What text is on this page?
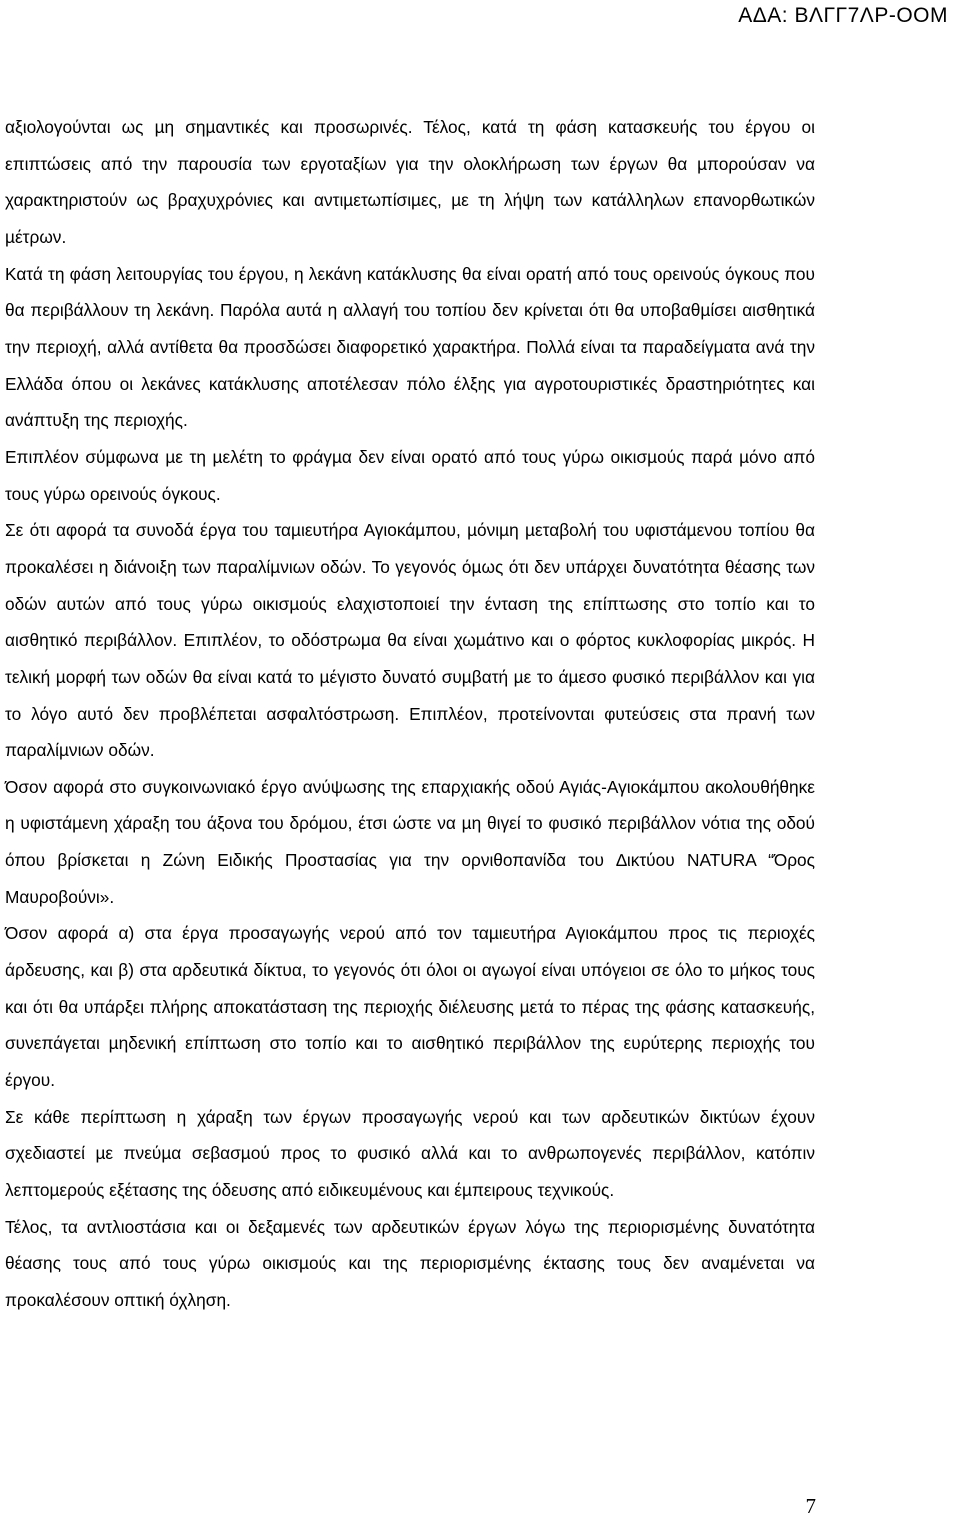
ΑΔΑ: ΒΛΓΓ7ΛΡ-ΟΟΜ

αξιολογούνται ως µη σηµαντικές και προσωρινές. Τέλος, κατά τη φάση κατασκευής του έργου οι επιπτώσεις από την παρουσία των εργοταξίων για την ολοκλήρωση των έργων θα µπορούσαν να χαρακτηριστούν ως βραχυχρόνιες και αντιµετωπίσιµες, µε τη λήψη των κατάλληλων επανορθωτικών µέτρων.

Κατά τη φάση λειτουργίας του έργου, η λεκάνη κατάκλυσης θα είναι ορατή από τους ορεινούς όγκους που θα περιβάλλουν τη λεκάνη. Παρόλα αυτά η αλλαγή του τοπίου δεν κρίνεται ότι θα υποβαθµίσει αισθητικά την περιοχή, αλλά αντίθετα θα προσδώσει διαφορετικό χαρακτήρα. Πολλά είναι τα παραδείγµατα ανά την Ελλάδα όπου οι λεκάνες κατάκλυσης αποτέλεσαν πόλο έλξης για αγροτουριστικές δραστηριότητες και ανάπτυξη της περιοχής.

Επιπλέον σύµφωνα µε τη µελέτη το φράγµα δεν είναι ορατό από τους γύρω οικισµούς παρά µόνο από τους γύρω ορεινούς όγκους.

Σε ότι αφορά τα συνοδά έργα του ταµιευτήρα Αγιοκάµπου, µόνιµη µεταβολή του υφιστάµενου τοπίου θα προκαλέσει η διάνοιξη των παραλίµνιων οδών. Το γεγονός όµως ότι δεν υπάρχει δυνατότητα θέασης των οδών αυτών από τους γύρω οικισµούς ελαχιστοποιεί την ένταση της επίπτωσης στο τοπίο και το αισθητικό περιβάλλον. Επιπλέον, το οδόστρωµα θα είναι χωµάτινο και ο φόρτος κυκλοφορίας µικρός. Η τελική µορφή των οδών θα είναι κατά το µέγιστο δυνατό συµβατή µε το άµεσο φυσικό περιβάλλον και για το λόγο αυτό δεν προβλέπεται ασφαλτόστρωση. Επιπλέον, προτείνονται φυτεύσεις στα πρανή των παραλίµνιων οδών.

Όσον αφορά στο συγκοινωνιακό έργο ανύψωσης της επαρχιακής οδού Αγιάς-Αγιοκάµπου ακολουθήθηκε η υφιστάµενη χάραξη του άξονα του δρόµου, έτσι ώστε να µη θιγεί το φυσικό περιβάλλον νότια της οδού όπου βρίσκεται η Ζώνη Ειδικής Προστασίας για την ορνιθοπανίδα του ∆ικτύου NATURA “Όρος Μαυροβούνι».

Όσον αφορά α) στα έργα προσαγωγής νερού από τον ταµιευτήρα Αγιοκάµπου προς τις περιοχές άρδευσης, και β) στα αρδευτικά δίκτυα, το γεγονός ότι όλοι οι αγωγοί είναι υπόγειοι σε όλο το µήκος τους και ότι θα υπάρξει πλήρης αποκατάσταση της περιοχής διέλευσης µετά το πέρας της φάσης κατασκευής, συνεπάγεται µηδενική επίπτωση στο τοπίο και το αισθητικό περιβάλλον της ευρύτερης περιοχής του έργου.

Σε κάθε περίπτωση η χάραξη των έργων προσαγωγής νερού και των αρδευτικών δικτύων έχουν σχεδιαστεί µε πνεύµα σεβασµού προς το φυσικό αλλά και το ανθρωπογενές περιβάλλον, κατόπιν λεπτοµερούς εξέτασης της όδευσης από ειδικευµένους και έµπειρους τεχνικούς.

Τέλος, τα αντλιοστάσια και οι δεξαµενές των αρδευτικών έργων λόγω της περιορισµένης δυνατότητα θέασης τους από τους γύρω οικισµούς και της περιορισµένης έκτασης τους δεν αναµένεται να προκαλέσουν οπτική όχληση.

7
